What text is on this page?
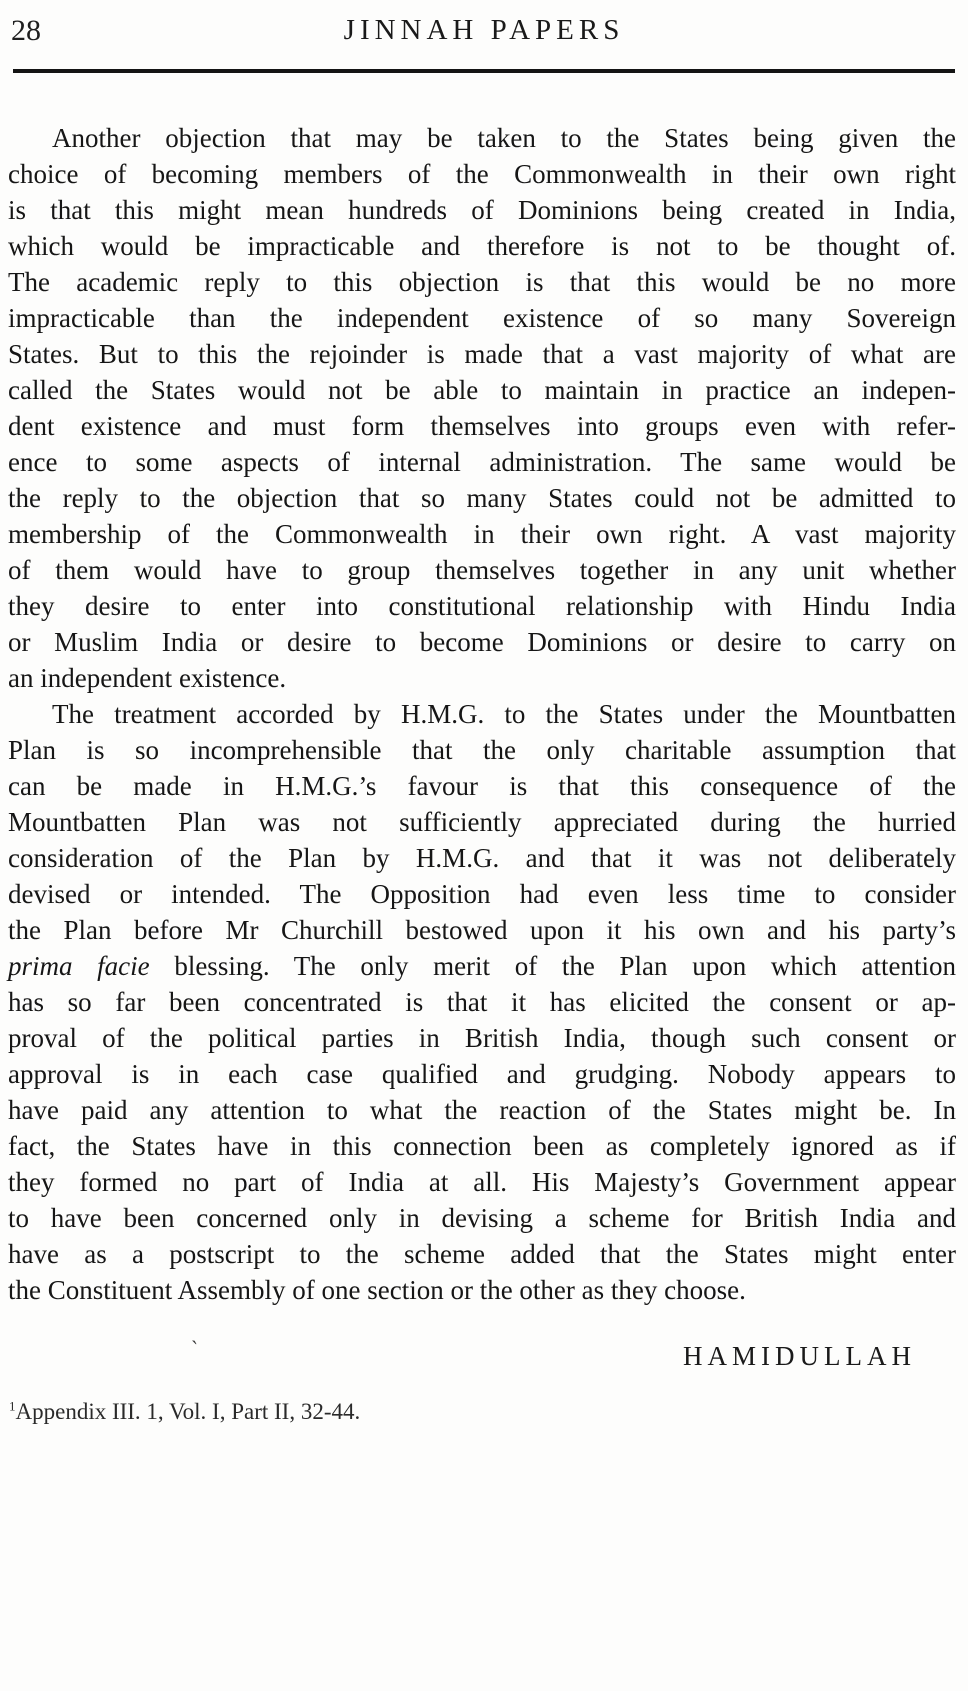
28	JINNAH PAPERS
Another objection that may be taken to the States being given the
choice of becoming members of the Commonwealth in their own right
is that this might mean hundreds of Dominions being created in India,
which would be impracticable and therefore is not to be thought of.
The academic reply to this objection is that this would be no more
impracticable than the independent existence of so many Sovereign
States. But to this the rejoinder is made that a vast majority of what are
called the States would not be able to maintain in practice an indepen-
dent existence and must form themselves into groups even with refer-
ence to some aspects of internal administration. The same would be
the reply to the objection that so many States could not be admitted to
membership of the Commonwealth in their own right. A vast majority
of them would have to group themselves together in any unit whether
they desire to enter into constitutional relationship with Hindu India
or Muslim India or desire to become Dominions or desire to carry on
an independent existence.
The treatment accorded by H.M.G. to the States under the Mountbatten
Plan is so incomprehensible that the only charitable assumption that
can be made in H.M.G.’s favour is that this consequence of the
Mountbatten Plan was not sufficiently appreciated during the hurried
consideration of the Plan by H.M.G. and that it was not deliberately
devised or intended. The Opposition had even less time to consider
the Plan before Mr Churchill bestowed upon it his own and his party’s
prima facie blessing. The only merit of the Plan upon which attention
has so far been concentrated is that it has elicited the consent or ap-
proval of the political parties in British India, though such consent or
approval is in each case qualified and grudging. Nobody appears to
have paid any attention to what the reaction of the States might be. In
fact, the States have in this connection been as completely ignored as if
they formed no part of India at all. His Majesty’s Government appear
to have been concerned only in devising a scheme for British India and
have as a postscript to the scheme added that the States might enter
the Constituent Assembly of one section or the other as they choose.
HAMIDULLAH
`
$^1$Appendix III. 1, Vol. I, Part II, 32-44.
